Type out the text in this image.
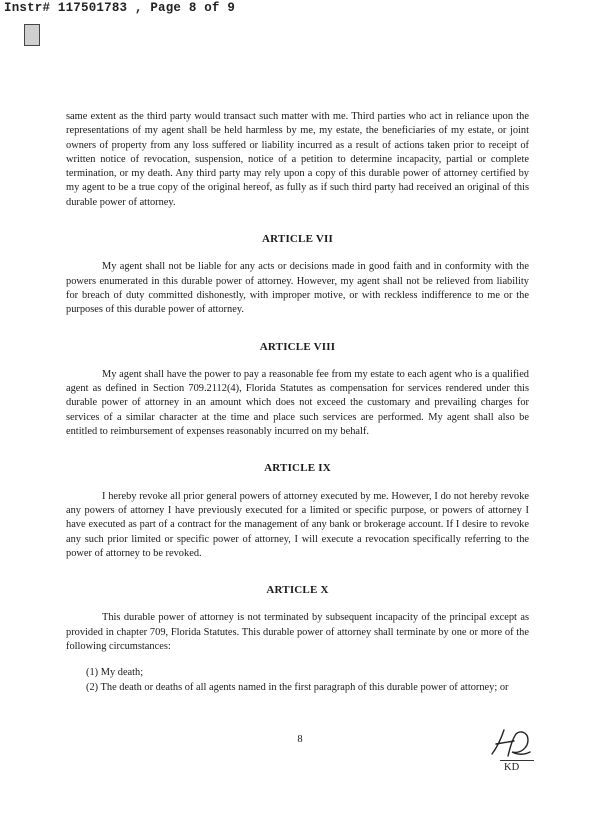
Instr# 117501783 , Page 8 of 9

same extent as the third party would transact such matter with me. Third parties who act in reliance upon the representations of my agent shall be held harmless by me, my estate, the beneficiaries of my estate, or joint owners of property from any loss suffered or liability incurred as a result of actions taken prior to receipt of written notice of revocation, suspension, notice of a petition to determine incapacity, partial or complete termination, or my death. Any third party may rely upon a copy of this durable power of attorney certified by my agent to be a true copy of the original hereof, as fully as if such third party had received an original of this durable power of attorney.

ARTICLE VII

My agent shall not be liable for any acts or decisions made in good faith and in conformity with the powers enumerated in this durable power of attorney. However, my agent shall not be relieved from liability for breach of duty committed dishonestly, with improper motive, or with reckless indifference to me or the purposes of this durable power of attorney.

ARTICLE VIII

My agent shall have the power to pay a reasonable fee from my estate to each agent who is a qualified agent as defined in Section 709.2112(4), Florida Statutes as compensation for services rendered under this durable power of attorney in an amount which does not exceed the customary and prevailing charges for services of a similar character at the time and place such services are performed. My agent shall also be entitled to reimbursement of expenses reasonably incurred on my behalf.

ARTICLE IX

I hereby revoke all prior general powers of attorney executed by me. However, I do not hereby revoke any powers of attorney I have previously executed for a limited or specific purpose, or powers of attorney I have executed as part of a contract for the management of any bank or brokerage account. If I desire to revoke any such prior limited or specific power of attorney, I will execute a revocation specifically referring to the power of attorney to be revoked.

ARTICLE X

This durable power of attorney is not terminated by subsequent incapacity of the principal except as provided in chapter 709, Florida Statutes. This durable power of attorney shall terminate by one or more of the following circumstances:

(1) My death;

(2) The death or deaths of all agents named in the first paragraph of this durable power of attorney; or

8
KD
